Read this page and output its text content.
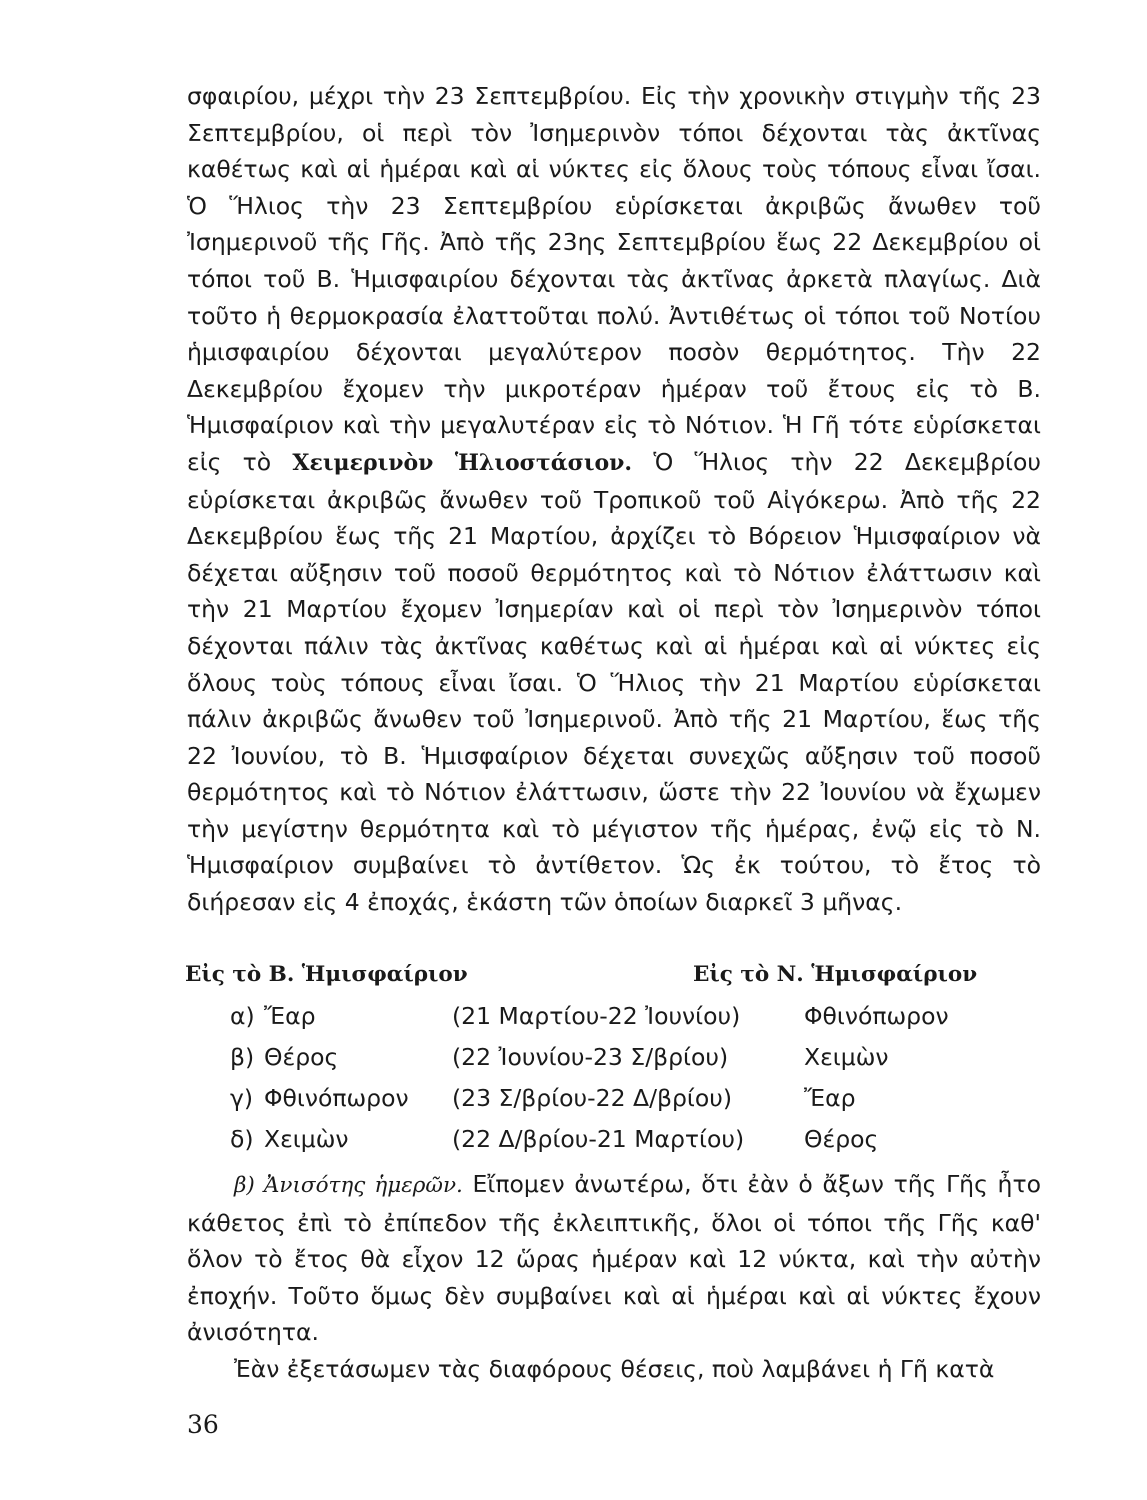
σφαιρίου, μέχρι τὴν 23 Σεπτεμβρίου. Εἰς τὴν χρονικὴν στιγμὴν τῆς 23 Σεπτεμβρίου, οἱ περὶ τὸν Ἰσημερινὸν τόποι δέχονται τὰς ἀκτῖνας καθέτως καὶ αἱ ἡμέραι καὶ αἱ νύκτες εἰς ὅλους τοὺς τόπους εἶναι ἴσαι. Ὁ Ἥλιος τὴν 23 Σεπτεμβρίου εὑρίσκεται ἀκριβῶς ἄνωθεν τοῦ Ἰσημερινοῦ τῆς Γῆς. Ἀπὸ τῆς 23ης Σεπτεμβρίου ἕως 22 Δεκεμβρίου οἱ τόποι τοῦ Β. Ἡμισφαιρίου δέχονται τὰς ἀκτῖνας ἀρκετὰ πλαγίως. Διὰ τοῦτο ἡ θερμοκρασία ἐλαττοῦται πολύ. Ἀντιθέτως οἱ τόποι τοῦ Νοτίου ἡμισφαιρίου δέχονται μεγαλύτερον ποσὸν θερμότητος. Τὴν 22 Δεκεμβρίου ἔχομεν τὴν μικροτέραν ἡμέραν τοῦ ἔτους εἰς τὸ Β. Ἡμισφαίριον καὶ τὴν μεγαλυτέραν εἰς τὸ Νότιον. Ἡ Γῆ τότε εὑρίσκεται εἰς τὸ Χειμερινὸν Ἡλιοστάσιον. Ὁ Ἥλιος τὴν 22 Δεκεμβρίου εὑρίσκεται ἀκριβῶς ἄνωθεν τοῦ Τροπικοῦ τοῦ Αἰγόκερω. Ἀπὸ τῆς 22 Δεκεμβρίου ἕως τῆς 21 Μαρτίου, ἀρχίζει τὸ Βόρειον Ἡμισφαίριον νὰ δέχεται αὔξησιν τοῦ ποσοῦ θερμότητος καὶ τὸ Νότιον ἐλάττωσιν καὶ τὴν 21 Μαρτίου ἔχομεν Ἰσημερίαν καὶ οἱ περὶ τὸν Ἰσημερινὸν τόποι δέχονται πάλιν τὰς ἀκτῖνας καθέτως καὶ αἱ ἡμέραι καὶ αἱ νύκτες εἰς ὅλους τοὺς τόπους εἶναι ἴσαι. Ὁ Ἥλιος τὴν 21 Μαρτίου εὑρίσκεται πάλιν ἀκριβῶς ἄνωθεν τοῦ Ἰσημερινοῦ. Ἀπὸ τῆς 21 Μαρτίου, ἕως τῆς 22 Ἰουνίου, τὸ Β. Ἡμισφαίριον δέχεται συνεχῶς αὔξησιν τοῦ ποσοῦ θερμότητος καὶ τὸ Νότιον ἐλάττωσιν, ὥστε τὴν 22 Ἰουνίου νὰ ἔχωμεν τὴν μεγίστην θερμότητα καὶ τὸ μέγιστον τῆς ἡμέρας, ἐνῷ εἰς τὸ Ν. Ἡμισφαίριον συμβαίνει τὸ ἀντίθετον. Ὡς ἐκ τούτου, τὸ ἔτος τὸ διήρεσαν εἰς 4 ἐποχάς, ἑκάστη τῶν ὁποίων διαρκεῖ 3 μῆνας.

Εἰς τὸ Β. Ἡμισφαίριον	Εἰς τὸ Ν. Ἡμισφαίριον
α) Ἔαρ	(21 Μαρτίου-22 Ἰουνίου)	Φθινόπωρον
β) Θέρος	(22 Ἰουνίου-23 Σ/βρίου)	Χειμὼν
γ) Φθινόπωρον (23 Σ/βρίου-22 Δ/βρίου)	Ἔαρ
δ) Χειμὼν	(22 Δ/βρίου-21 Μαρτίου)	Θέρος

β) Ἀνισότης ἡμερῶν. Εἴπομεν ἀνωτέρω, ὅτι ἐὰν ὁ ἄξων τῆς Γῆς ἦτο κάθετος ἐπὶ τὸ ἐπίπεδον τῆς ἐκλειπτικῆς, ὅλοι οἱ τόποι τῆς Γῆς καθ' ὅλον τὸ ἔτος θὰ εἶχον 12 ὥρας ἡμέραν καὶ 12 νύκτα, καὶ τὴν αὐτὴν ἐποχήν. Τοῦτο ὅμως δὲν συμβαίνει καὶ αἱ ἡμέραι καὶ αἱ νύκτες ἔχουν ἀνισότητα.

Ἐὰν ἐξετάσωμεν τὰς διαφόρους θέσεις, ποὺ λαμβάνει ἡ Γῆ κατὰ

36
